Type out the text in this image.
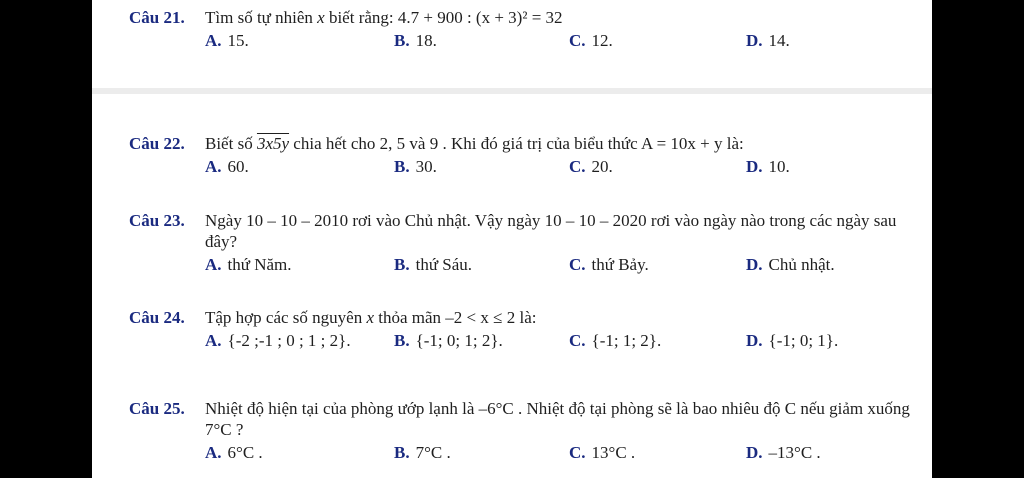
Câu 21.	Tìm số tự nhiên x biết rằng: 4.7 + 900 : (x + 3)² = 32
A. 15.	B. 18.	C. 12.	D. 14.
Câu 22.	Biết số 3x5y chia hết cho 2, 5 và 9 . Khi đó giá trị của biểu thức A = 10x + y là:
A. 60.	B. 30.	C. 20.	D. 10.
Câu 23.	Ngày 10 – 10 – 2010 rơi vào Chủ nhật. Vậy ngày 10 – 10 – 2020 rơi vào ngày nào trong các ngày sau đây?
A. thứ Năm.	B. thứ Sáu.	C. thứ Bảy.	D. Chủ nhật.
Câu 24.	Tập hợp các số nguyên x thỏa mãn –2 < x ≤ 2 là:
A. {-2 ;-1 ; 0 ; 1 ; 2}.	B. {-1; 0; 1; 2}.	C. {-1; 1; 2}.	D. {-1; 0; 1}.
Câu 25.	Nhiệt độ hiện tại của phòng ướp lạnh là –6°C . Nhiệt độ tại phòng sẽ là bao nhiêu độ C nếu giảm xuống 7°C ?
A. 6°C .	B. 7°C .	C. 13°C .	D. –13°C .
